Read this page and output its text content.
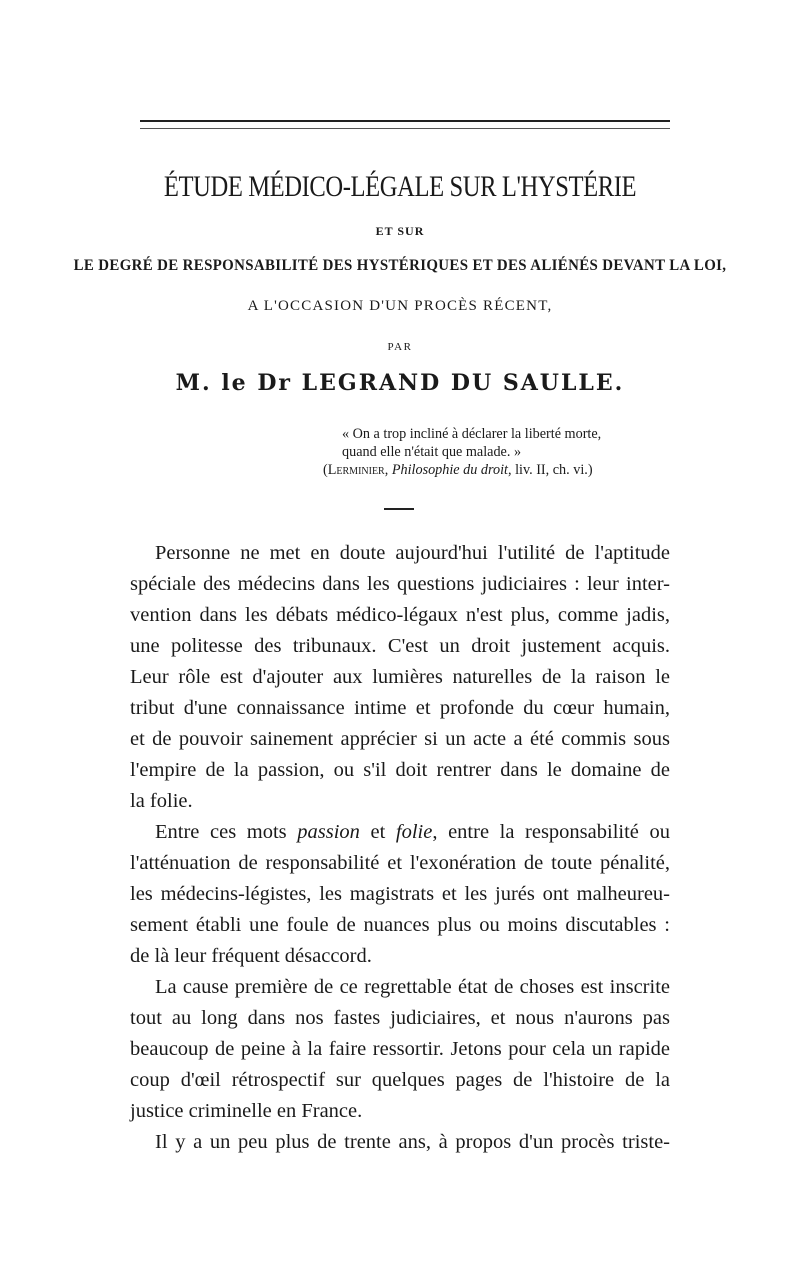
ÉTUDE MÉDICO-LÉGALE SUR L'HYSTÉRIE
ET SUR
LE DEGRÉ DE RESPONSABILITÉ DES HYSTÉRIQUES ET DES ALIÉNÉS DEVANT LA LOI,
A L'OCCASION D'UN PROCÈS RÉCENT,
PAR
M. le Dr LEGRAND DU SAULLE.
« On a trop incliné à déclarer la liberté morte,
quand elle n'était que malade. »
(Lerminier, Philosophie du droit, liv. II, ch. vi.)

Personne ne met en doute aujourd'hui l'utilité de l'aptitude
spéciale des médecins dans les questions judiciaires : leur inter-
vention dans les débats médico-légaux n'est plus, comme jadis,
une politesse des tribunaux. C'est un droit justement acquis.
Leur rôle est d'ajouter aux lumières naturelles de la raison le
tribut d'une connaissance intime et profonde du cœur humain,
et de pouvoir sainement apprécier si un acte a été commis sous
l'empire de la passion, ou s'il doit rentrer dans le domaine de
la folie.

Entre ces mots passion et folie, entre la responsabilité ou
l'atténuation de responsabilité et l'exonération de toute pénalité,
les médecins-légistes, les magistrats et les jurés ont malheureu-
sement établi une foule de nuances plus ou moins discutables :
de là leur fréquent désaccord.

La cause première de ce regrettable état de choses est inscrite
tout au long dans nos fastes judiciaires, et nous n'aurons pas
beaucoup de peine à la faire ressortir. Jetons pour cela un rapide
coup d'œil rétrospectif sur quelques pages de l'histoire de la
justice criminelle en France.

Il y a un peu plus de trente ans, à propos d'un procès triste-
